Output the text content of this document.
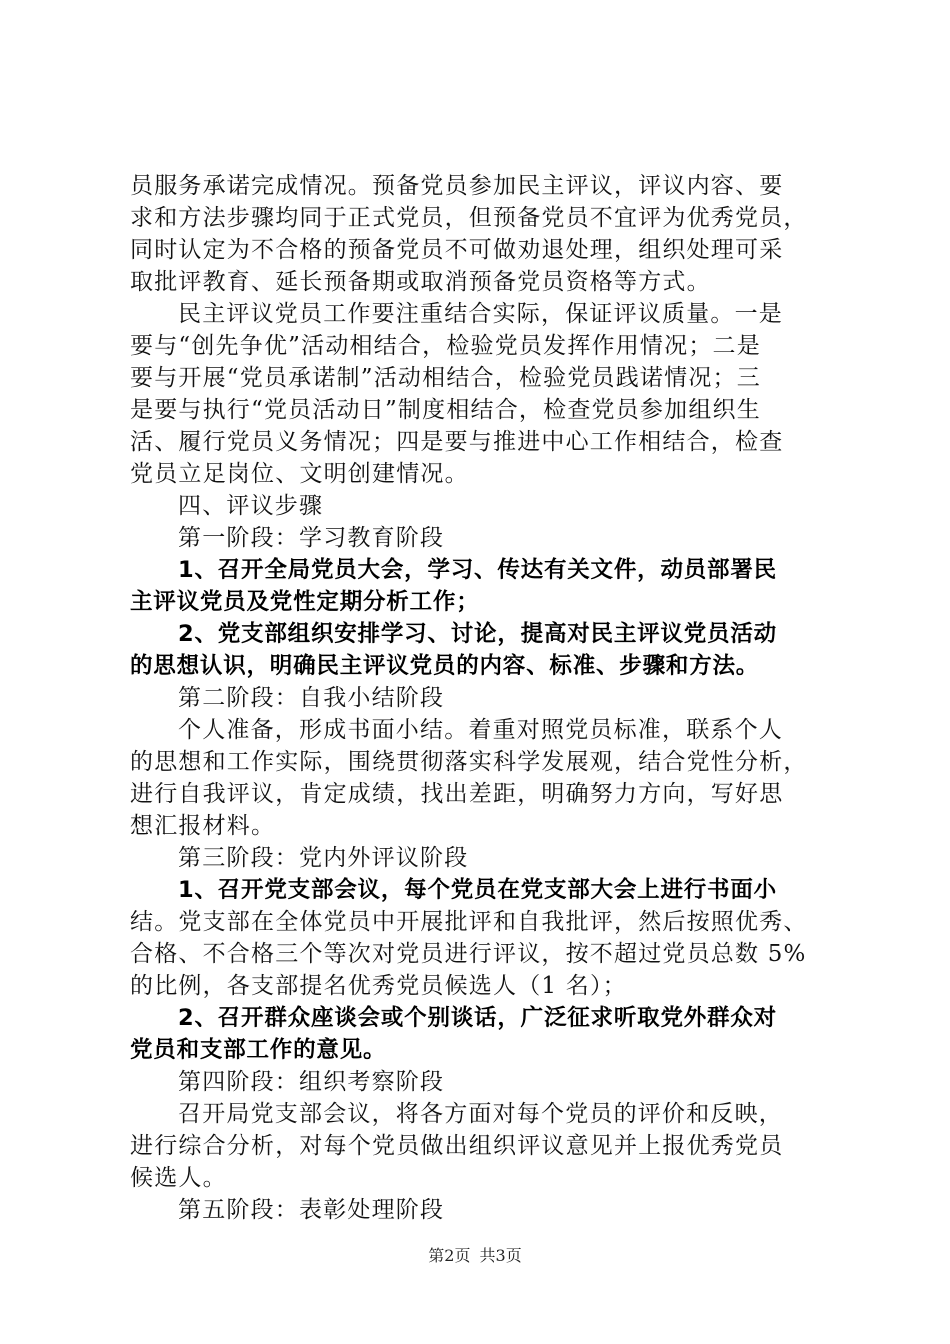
员服务承诺完成情况。预备党员参加民主评议，评议内容、要
求和方法步骤均同于正式党员，但预备党员不宜评为优秀党员，
同时认定为不合格的预备党员不可做劝退处理，组织处理可采
取批评教育、延长预备期或取消预备党员资格等方式。
民主评议党员工作要注重结合实际，保证评议质量。一是
要与“创先争优”活动相结合，检验党员发挥作用情况；二是
要与开展“党员承诺制”活动相结合，检验党员践诺情况；三
是要与执行“党员活动日”制度相结合，检查党员参加组织生
活、履行党员义务情况；四是要与推进中心工作相结合，检查
党员立足岗位、文明创建情况。
四、评议步骤
第一阶段：学习教育阶段
1、召开全局党员大会，学习、传达有关文件，动员部署民
主评议党员及党性定期分析工作；
2、党支部组织安排学习、讨论，提高对民主评议党员活动
的思想认识，明确民主评议党员的内容、标准、步骤和方法。
第二阶段：自我小结阶段
个人准备，形成书面小结。着重对照党员标准，联系个人
的思想和工作实际，围绕贯彻落实科学发展观，结合党性分析，
进行自我评议，肯定成绩，找出差距，明确努力方向，写好思
想汇报材料。
第三阶段：党内外评议阶段
1、召开党支部会议，每个党员在党支部大会上进行书面小
结。党支部在全体党员中开展批评和自我批评，然后按照优秀、
合格、不合格三个等次对党员进行评议，按不超过党员总数 5%
的比例，各支部提名优秀党员候选人（1 名）；
2、召开群众座谈会或个别谈话，广泛征求听取党外群众对
党员和支部工作的意见。
第四阶段：组织考察阶段
召开局党支部会议，将各方面对每个党员的评价和反映，
进行综合分析，对每个党员做出组织评议意见并上报优秀党员
候选人。
第五阶段：表彰处理阶段
第2页 共3页
